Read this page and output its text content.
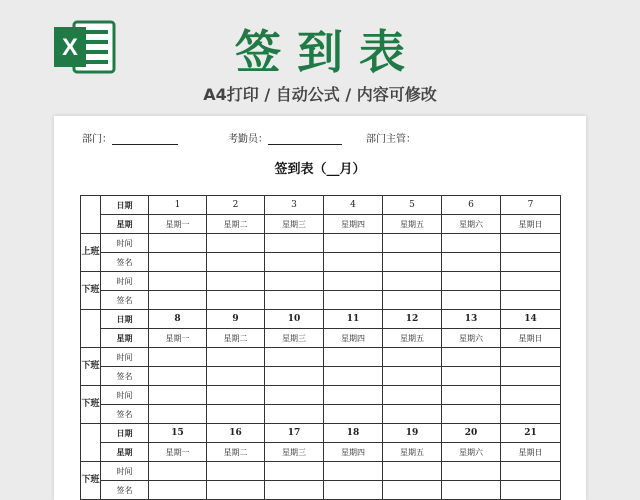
X	签到表
A4打印 / 自动公式 / 内容可修改
部门：	考勤员：	部门主管：
签到表（__月）
	日期	1	2	3	4	5	6	7
	星期	星期一	星期二	星期三	星期四	星期五	星期六	星期日
上班	时间							
	签名							
下班	时间							
	签名							
	日期	8	9	10	11	12	13	14
	星期	星期一	星期二	星期三	星期四	星期五	星期六	星期日
下班	时间							
	签名							
下班	时间							
	签名							
	日期	15	16	17	18	19	20	21
	星期	星期一	星期二	星期三	星期四	星期五	星期六	星期日
下班	时间							
	签名							
